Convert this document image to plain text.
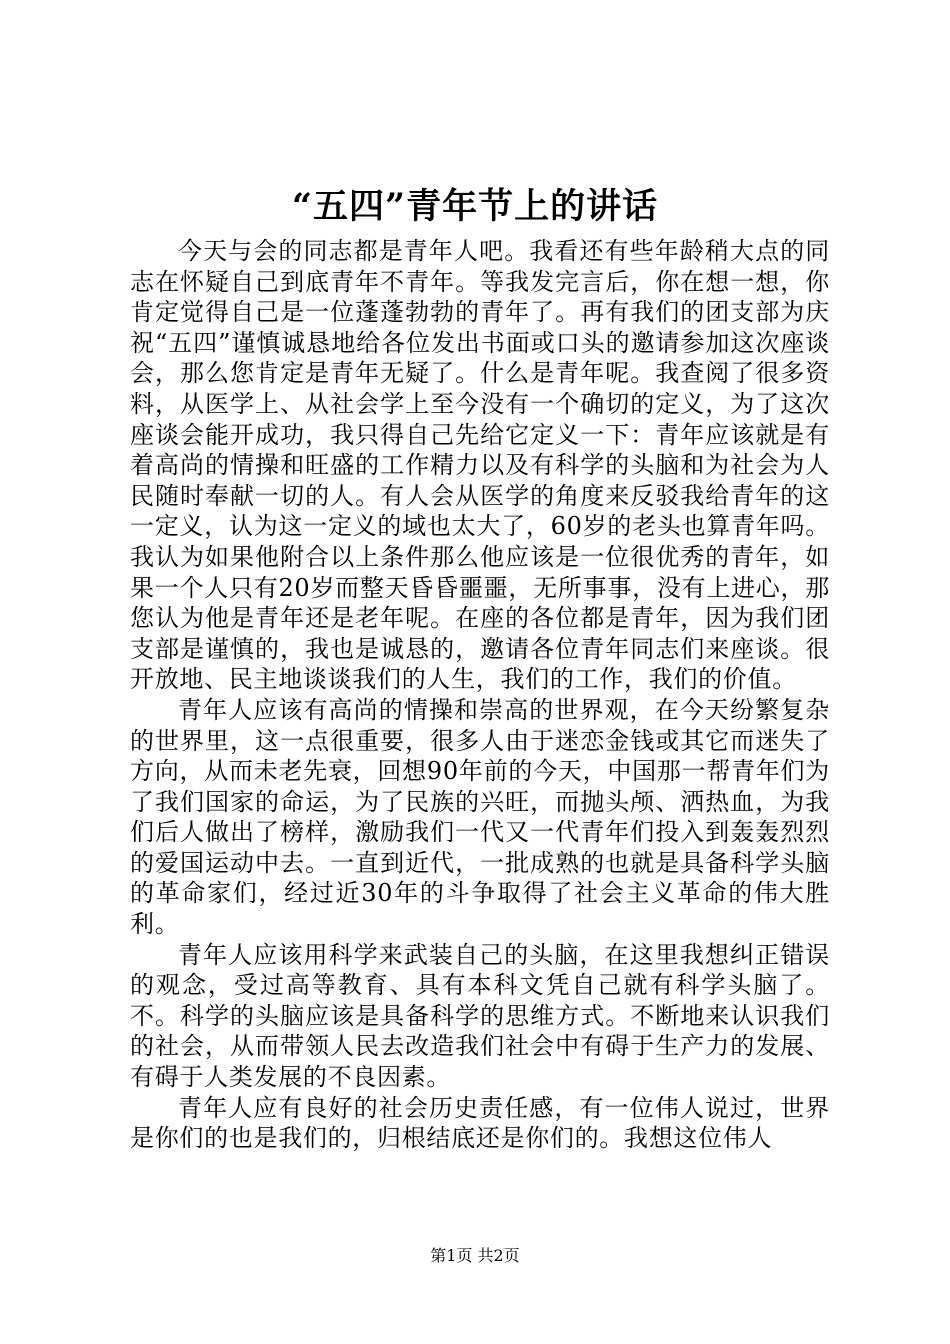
“五四”青年节上的讲话

今天与会的同志都是青年人吧。我看还有些年龄稍大点的同志在怀疑自己到底青年不青年。等我发完言后，你在想一想，你肯定觉得自己是一位蓬蓬勃勃的青年了。再有我们的团支部为庆祝“五四”谨慎诚恳地给各位发出书面或口头的邀请参加这次座谈会，那么您肯定是青年无疑了。什么是青年呢。我查阅了很多资料，从医学上、从社会学上至今没有一个确切的定义，为了这次座谈会能开成功，我只得自己先给它定义一下：青年应该就是有着高尚的情操和旺盛的工作精力以及有科学的头脑和为社会为人民随时奉献一切的人。有人会从医学的角度来反驳我给青年的这一定义，认为这一定义的域也太大了，60岁的老头也算青年吗。我认为如果他附合以上条件那么他应该是一位很优秀的青年，如果一个人只有20岁而整天昏昏噩噩，无所事事，没有上进心，那您认为他是青年还是老年呢。在座的各位都是青年，因为我们团支部是谨慎的，我也是诚恳的，邀请各位青年同志们来座谈。很开放地、民主地谈谈我们的人生，我们的工作，我们的价值。

青年人应该有高尚的情操和崇高的世界观，在今天纷繁复杂的世界里，这一点很重要，很多人由于迷恋金钱或其它而迷失了方向，从而未老先衰，回想90年前的今天，中国那一帮青年们为了我们国家的命运，为了民族的兴旺，而抛头颅、洒热血，为我们后人做出了榜样，激励我们一代又一代青年们投入到轰轰烈烈的爱国运动中去。一直到近代，一批成熟的也就是具备科学头脑的革命家们，经过近30年的斗争取得了社会主义革命的伟大胜利。

青年人应该用科学来武装自己的头脑，在这里我想纠正错误的观念，受过高等教育、具有本科文凭自己就有科学头脑了。不。科学的头脑应该是具备科学的思维方式。不断地来认识我们的社会，从而带领人民去改造我们社会中有碍于生产力的发展、有碍于人类发展的不良因素。

青年人应有良好的社会历史责任感，有一位伟人说过，世界是你们的也是我们的，归根结底还是你们的。我想这位伟人

第1页 共2页
